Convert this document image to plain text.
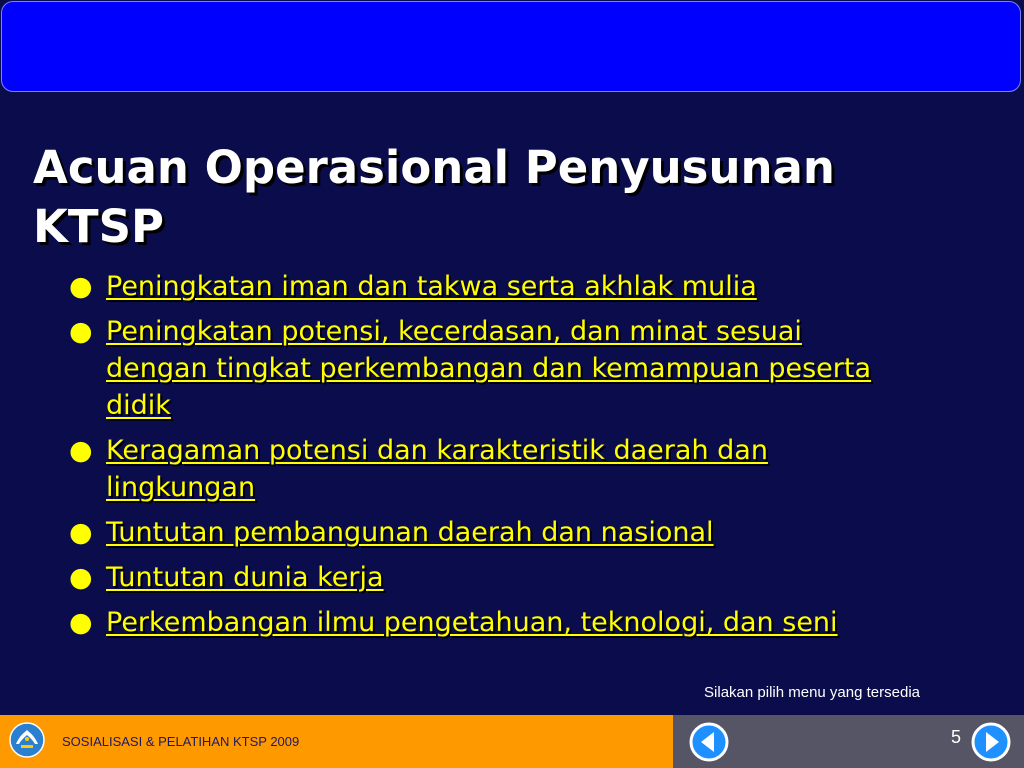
Acuan Operasional Penyusunan KTSP
● Peningkatan iman dan takwa serta akhlak mulia
● Peningkatan potensi, kecerdasan, dan minat sesuai dengan tingkat perkembangan dan kemampuan peserta didik
● Keragaman potensi dan karakteristik daerah dan lingkungan
● Tuntutan pembangunan daerah dan nasional
● Tuntutan dunia kerja
● Perkembangan ilmu pengetahuan, teknologi, dan seni
Silakan pilih menu yang tersedia
SOSIALISASI & PELATIHAN KTSP 2009	5
